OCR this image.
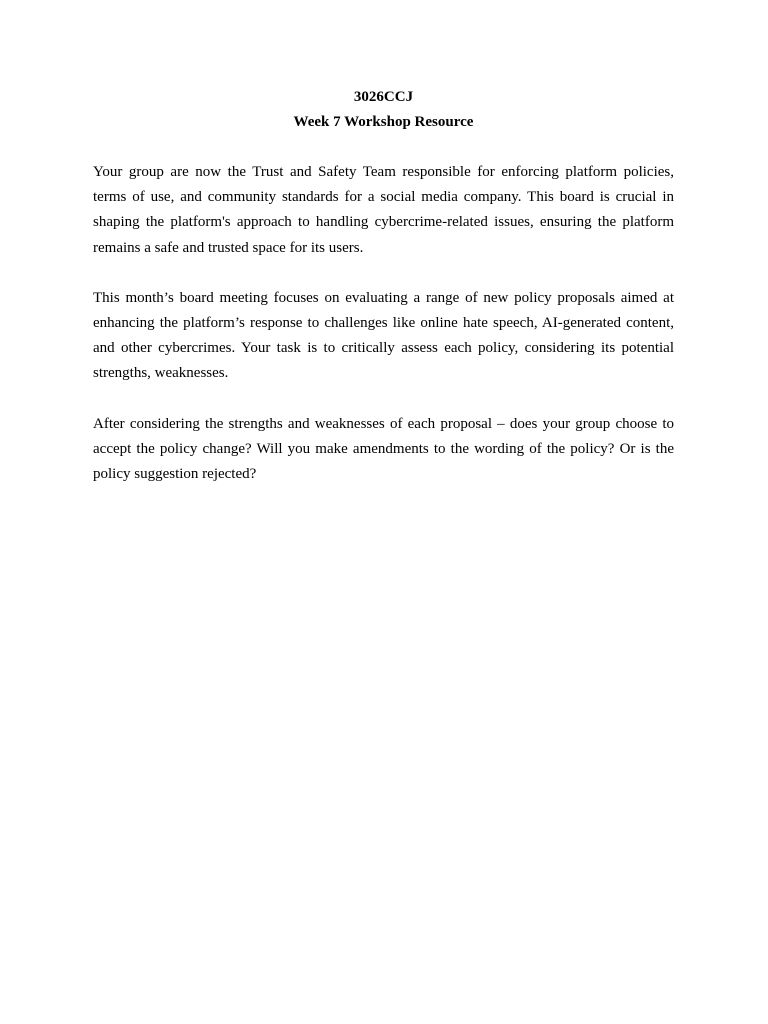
3026CCJ

Week 7 Workshop Resource

Your group are now the Trust and Safety Team responsible for enforcing platform policies, terms of use, and community standards for a social media company. This board is crucial in shaping the platform's approach to handling cybercrime-related issues, ensuring the platform remains a safe and trusted space for its users.

This month’s board meeting focuses on evaluating a range of new policy proposals aimed at enhancing the platform’s response to challenges like online hate speech, AI-generated content, and other cybercrimes. Your task is to critically assess each policy, considering its potential strengths, weaknesses.

After considering the strengths and weaknesses of each proposal – does your group choose to accept the policy change? Will you make amendments to the wording of the policy? Or is the policy suggestion rejected?
